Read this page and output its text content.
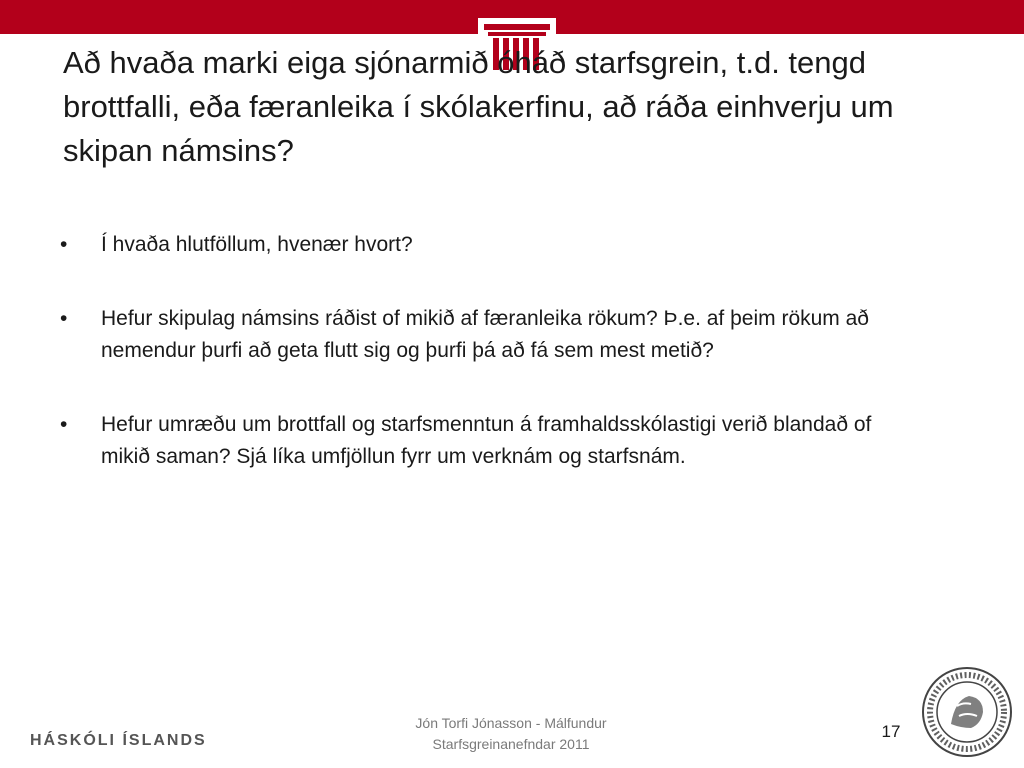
Að hvaða marki eiga sjónarmið óháð starfsgrein, t.d. tengd brottfalli, eða færanleika í skólakerfinu, að ráða einhverju um skipan námsins?
•	Í hvaða hlutföllum, hvenær hvort?
•	Hefur skipulag námsins ráðist of mikið af færanleika rökum? Þ.e. af þeim rökum að nemendur þurfi að geta flutt sig og þurfi þá að fá sem mest metið?
•	Hefur umræðu um brottfall og starfsmenntun á framhaldsskólastigi verið blandað of mikið saman? Sjá líka umfjöllun fyrr um verknám og starfsnám.
HÁSKÓLI ÍSLANDS
Jón Torfi Jónasson - Málfundur
Starfsgreinanefndar 2011
17
